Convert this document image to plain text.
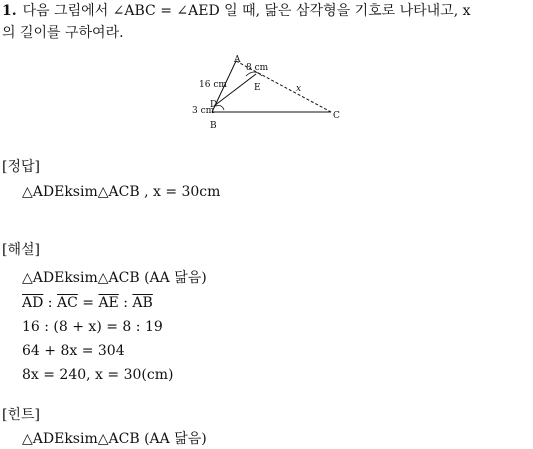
1. 다음 그림에서 ∠ABC = ∠AED 일 때, 닮은 삼각형을 기호로 나타내고, x
의 길이를 구하여라.
A
B
C
D
E
8 cm
16 cm
3 cm
x
[정답]
△ADEksim△ACB , x = 30cm
[해설]
△ADEksim△ACB (AA 닮음)
$\overline{AD}$ : $\overline{AC} = \overline{AE}$ : $\overline{AB}$
16 : (8 + x) = 8 : 19
64 + 8x = 304
8x = 240, x = 30(cm)
[힌트]
△ADEksim△ACB (AA 닮음)
